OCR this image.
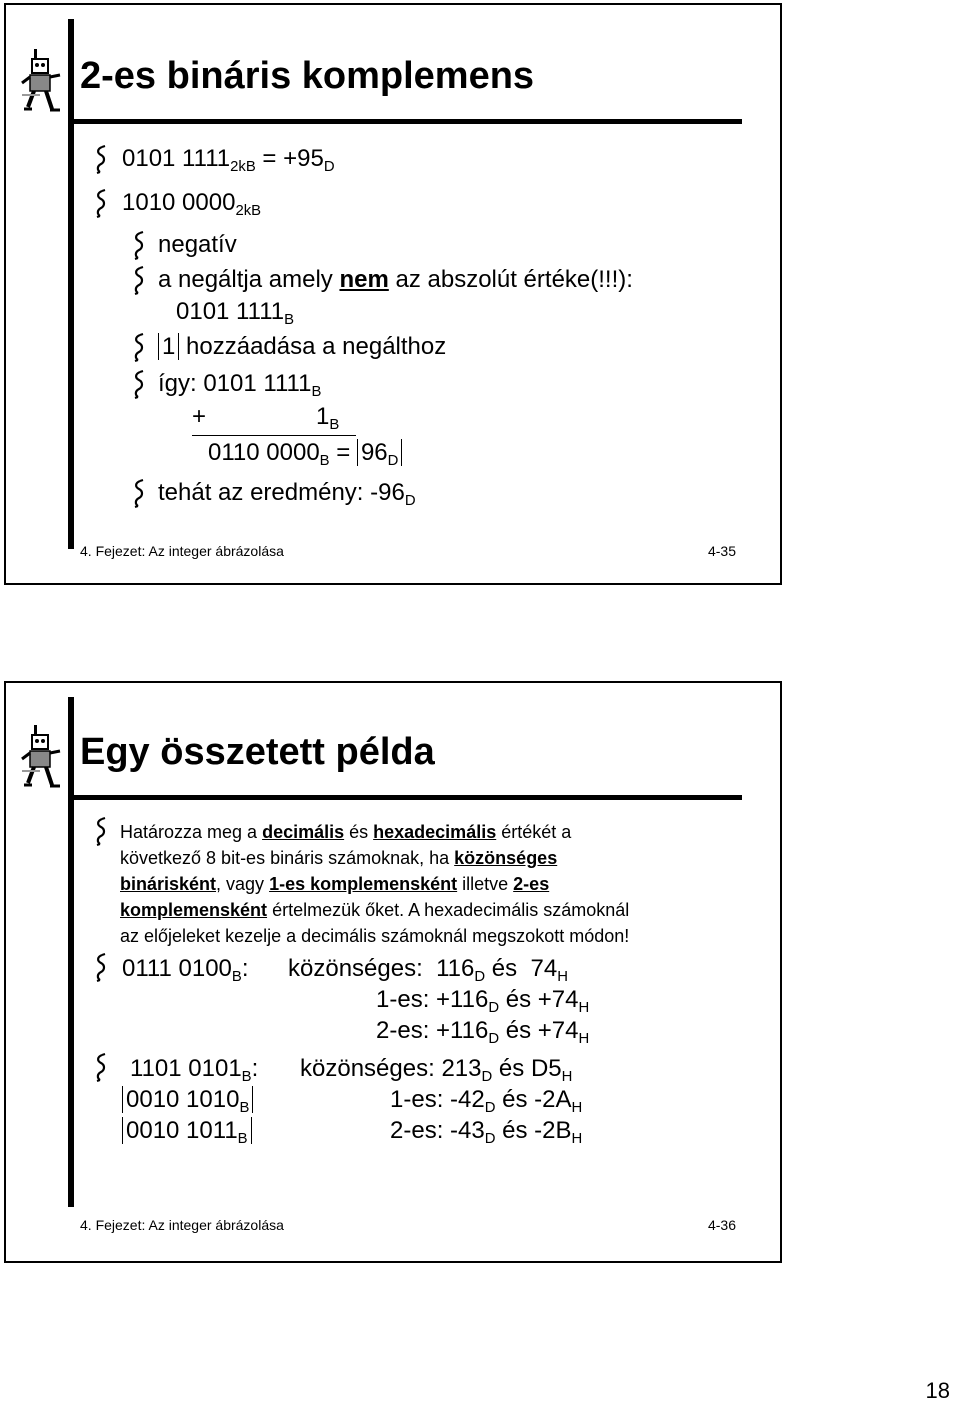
2-es bináris komplemens
0101 $1111_{2kB} = +95_D$
1010 $0000_{2kB}$
negatív
a negáltja amely nem az abszolút értéke(!!!):
0101 $1111_B$
1 hozzáadása a negálthoz
így: 0101 $1111_B$
+	$1_B$
0110 $0000_B = 96_D$
tehát az eredmény: $-96_D$
4. Fejezet: Az integer ábrázolása	4-35
Egy összetett példa
Határozza meg a decimális és hexadecimális értékét a
következő 8 bit-es bináris számoknak, ha közönséges
binárisként, vagy 1-es komplemensként illetve 2-es
komplemensként értelmezük őket. A hexadecimális számoknál
az előjeleket kezelje a decimális számoknál megszokott módon!
0111 $0100_B$: közönséges: $116_D$ és $74_H$
1-es: $+116_D$ és $+74_H$
2-es: $+116_D$ és $+74_H$
1101 $0101_B$: közönséges: $213_D$ és $D5_H$
0010 $1010_B$	1-es: $-42_D$ és $-2A_H$
0010 $1011_B$	2-es: $-43_D$ és $-2B_H$
4. Fejezet: Az integer ábrázolása	4-36
18
